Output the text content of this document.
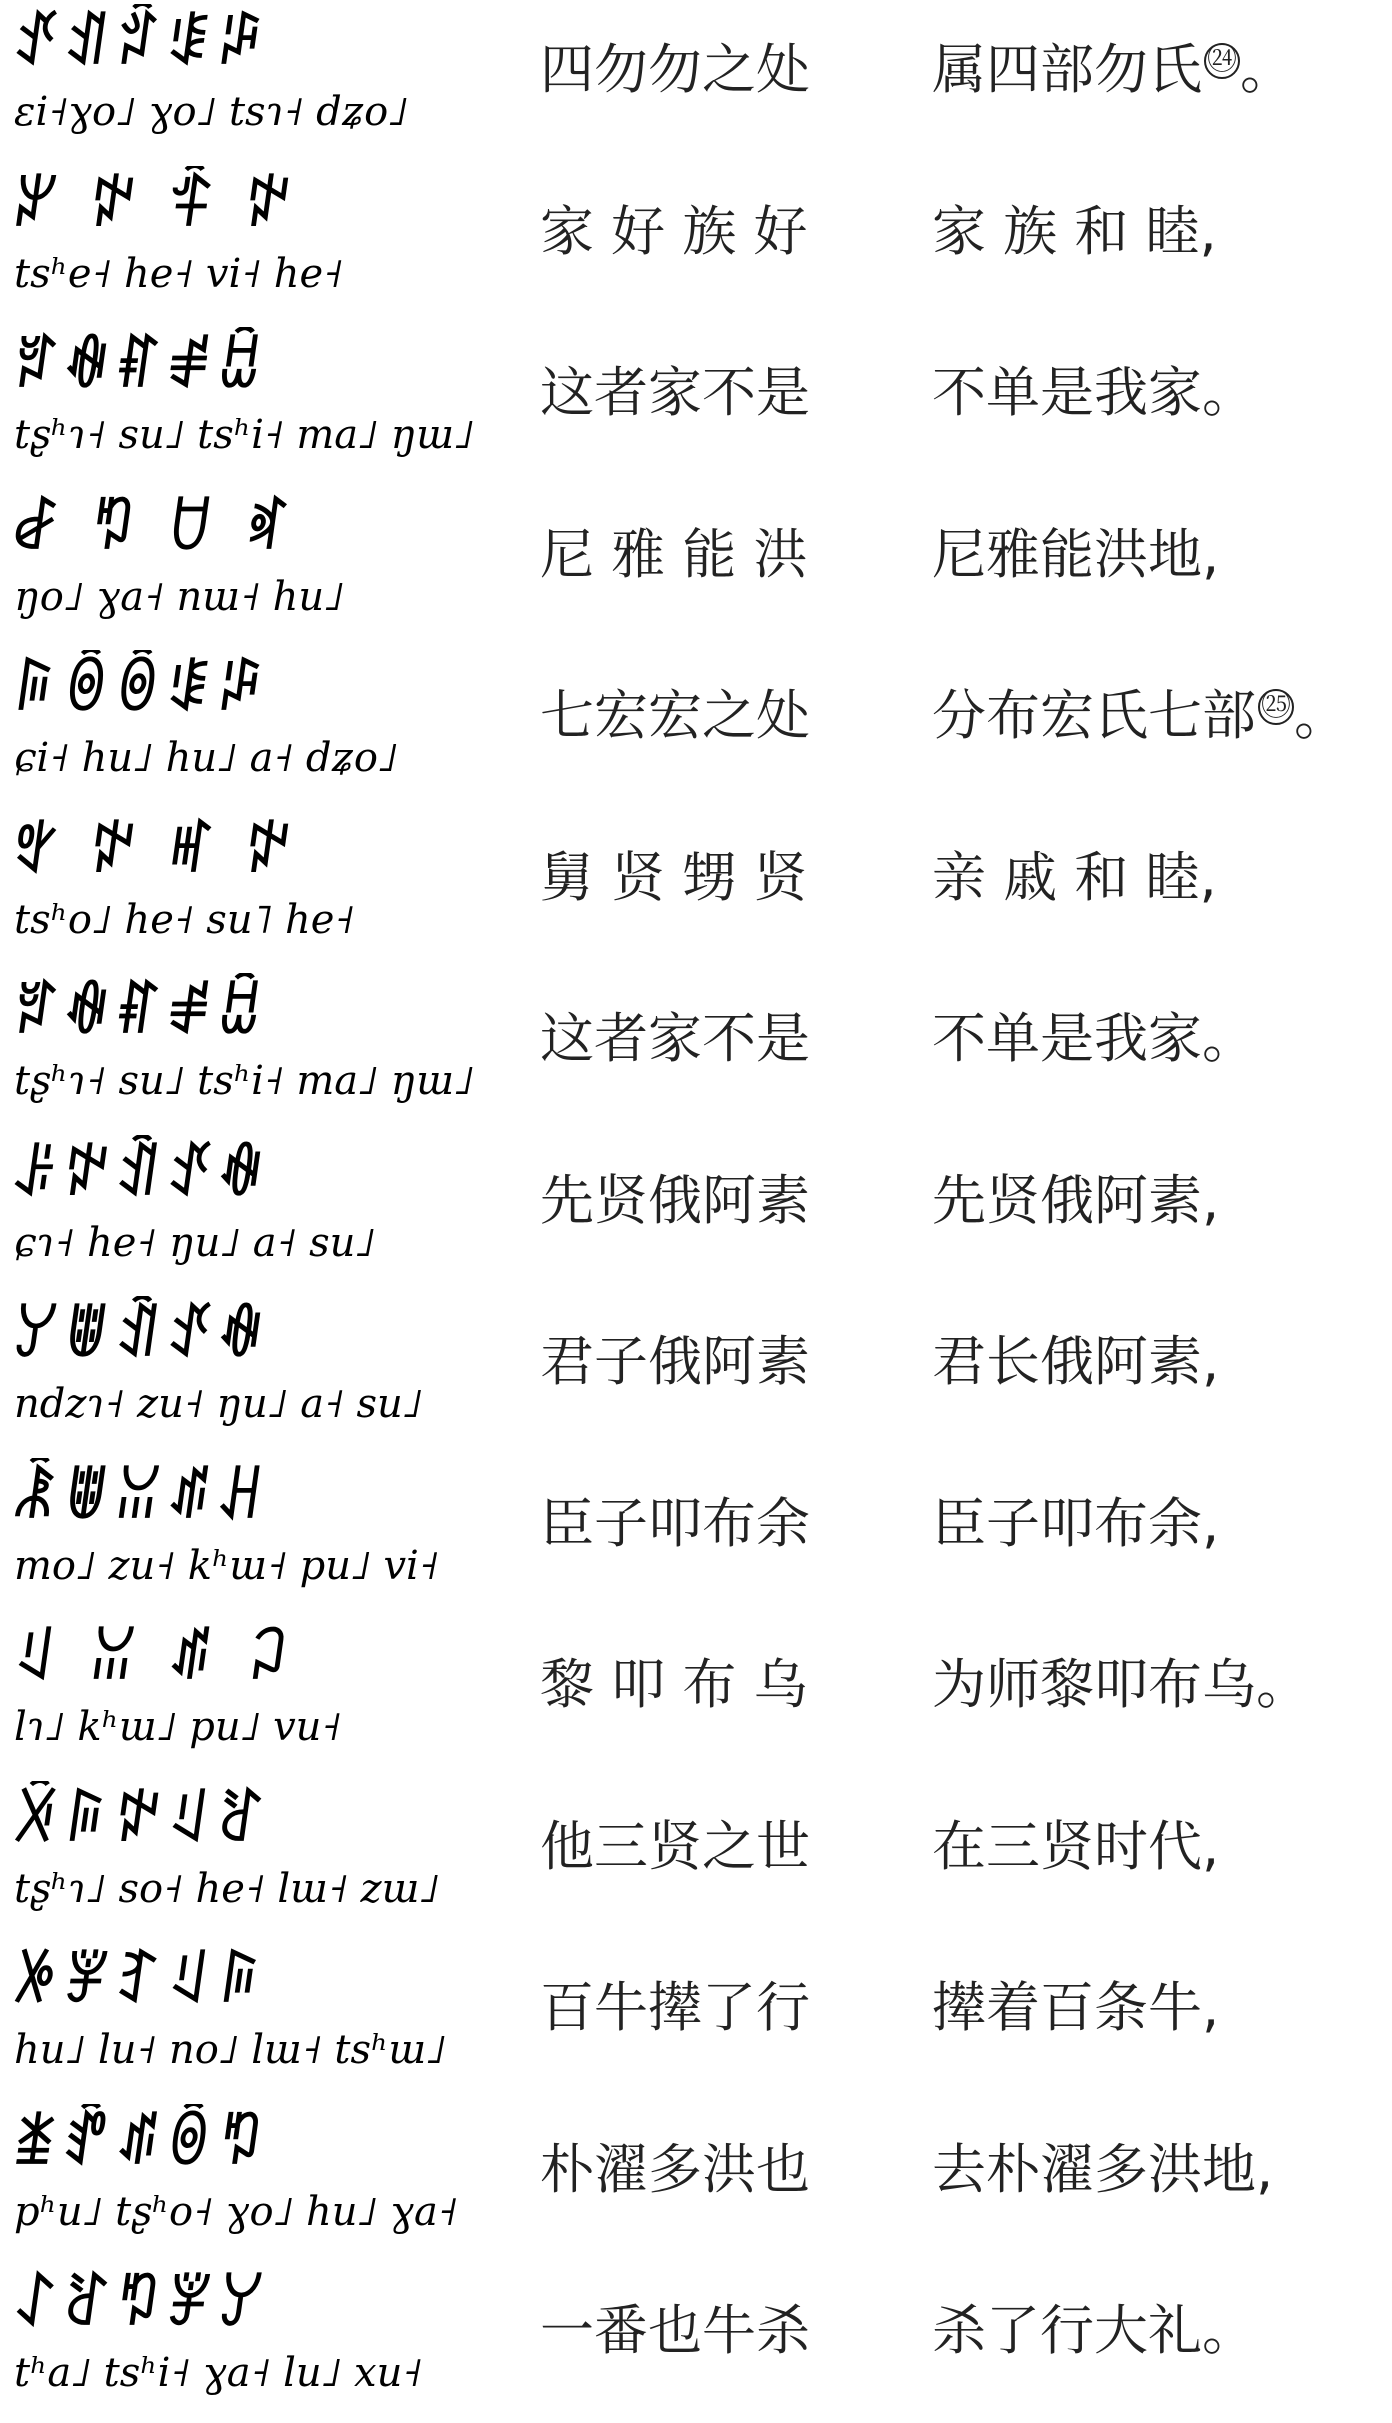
ꀋꀊꄁꌐꈂ
ɛi˧ɣo˩ ɣo˩ tsɿ˧ dʑo˩
四勿勿之处	属四部勿氏 ㉔。
ꏃ ꉢ ꍊ ꉢ
tsʰe˧ he˧ vi˧ he˧
家 好 族 好	家 族 和 睦,
ꆍꊿꐥꂱꀟ
tʂʰɿ˧ su˩ tsʰi˧ ma˩ ŋɯ˩
这者家不是	不单是我家。
ꆀ ꑳ ꇴ ꉷ
ŋo˩ ɣa˧ nɯ˧ hu˩
尼 雅 能 洪	尼雅能洪地,
ꌕꉺꉺꌐꈂ
ɕi˧ hu˩ hu˩ a˧ dʑo˩
七宏宏之处	分布宏氏七部 ㉕。
ꃰ ꉢ ꎭ ꉢ
tsʰo˩ he˧ su˥ he˧
舅 贤 甥 贤	亲 戚 和 睦,
ꆍꊿꐥꂱꀟ
tʂʰɿ˧ su˩ tsʰi˧ ma˩ ŋɯ˩
这者家不是	不单是我家。
ꌠꉢꀉꀋꊿ
ɕɿ˧ he˧ ŋu˩ a˧ su˩
先贤俄阿素	先贤俄阿素,
ꌦꍔꀉꀋꊿ
ndzɿ˧ zu˧ ŋu˩ a˧ su˩
君子俄阿素	君长俄阿素,
ꂾꍔꈍꁮꃅ
mo˩ zu˧ kʰɯ˧ pu˩ vi˧
臣子叩布余	臣子叩布余,
ꆹ ꈍ ꁮ ꃀ
lɿ˩ kʰɯ˩ pu˩ vu˧
黎 叩 布 乌	为师黎叩布乌。
ꋋꌕꉢꆹꋒ
tʂʰɿ˩ so˧ he˧ lɯ˧ zɯ˩
他三贤之世	在三贤时代,
ꉼꇇꆈꆹꌕ
hu˩ lu˧ no˩ lɯ˧ tsʰɯ˩
百牛撵了行	撵着百条牛,
ꁧꍙꁮꉺꑳ
pʰu˩ tʂʰo˧ ɣo˩ hu˩ ɣa˧
朴濯多洪也	去朴濯多洪地,
ꋍꋒꑳꇇꌦ
tʰa˩ tsʰi˧ ɣa˧ lu˩ xu˧
一番也牛杀	杀了行大礼。
